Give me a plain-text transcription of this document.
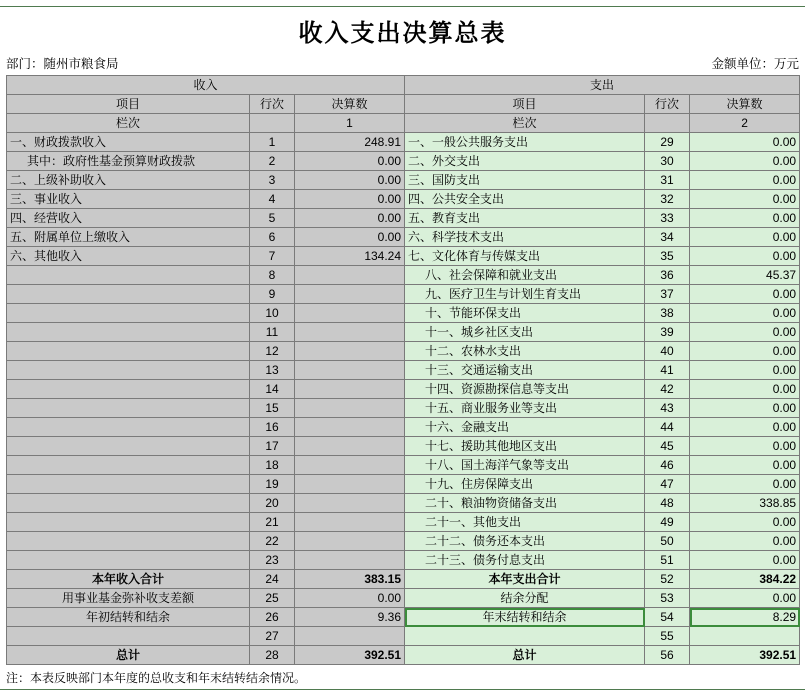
收入支出决算总表
部门：随州市粮食局	金额单位：万元
收入			支出		
项目	行次	决算数	项目	行次	决算数
栏次		1	栏次		2
一、财政拨款收入	1	248.91	一、一般公共服务支出	29	0.00
其中：政府性基金预算财政拨款	2	0.00	二、外交支出	30	0.00
二、上级补助收入	3	0.00	三、国防支出	31	0.00
三、事业收入	4	0.00	四、公共安全支出	32	0.00
四、经营收入	5	0.00	五、教育支出	33	0.00
五、附属单位上缴收入	6	0.00	六、科学技术支出	34	0.00
六、其他收入	7	134.24	七、文化体育与传媒支出	35	0.00
	8		八、社会保障和就业支出	36	45.37
	9		九、医疗卫生与计划生育支出	37	0.00
	10		十、节能环保支出	38	0.00
	11		十一、城乡社区支出	39	0.00
	12		十二、农林水支出	40	0.00
	13		十三、交通运输支出	41	0.00
	14		十四、资源勘探信息等支出	42	0.00
	15		十五、商业服务业等支出	43	0.00
	16		十六、金融支出	44	0.00
	17		十七、援助其他地区支出	45	0.00
	18		十八、国土海洋气象等支出	46	0.00
	19		十九、住房保障支出	47	0.00
	20		二十、粮油物资储备支出	48	338.85
	21		二十一、其他支出	49	0.00
	22		二十二、债务还本支出	50	0.00
	23		二十三、债务付息支出	51	0.00
本年收入合计	24	383.15	本年支出合计	52	384.22
用事业基金弥补收支差额	25	0.00	结余分配	53	0.00
年初结转和结余	26	9.36	年末结转和结余	54	8.29
	27			55	
总计	28	392.51	总计	56	392.51
注：本表反映部门本年度的总收支和年末结转结余情况。
